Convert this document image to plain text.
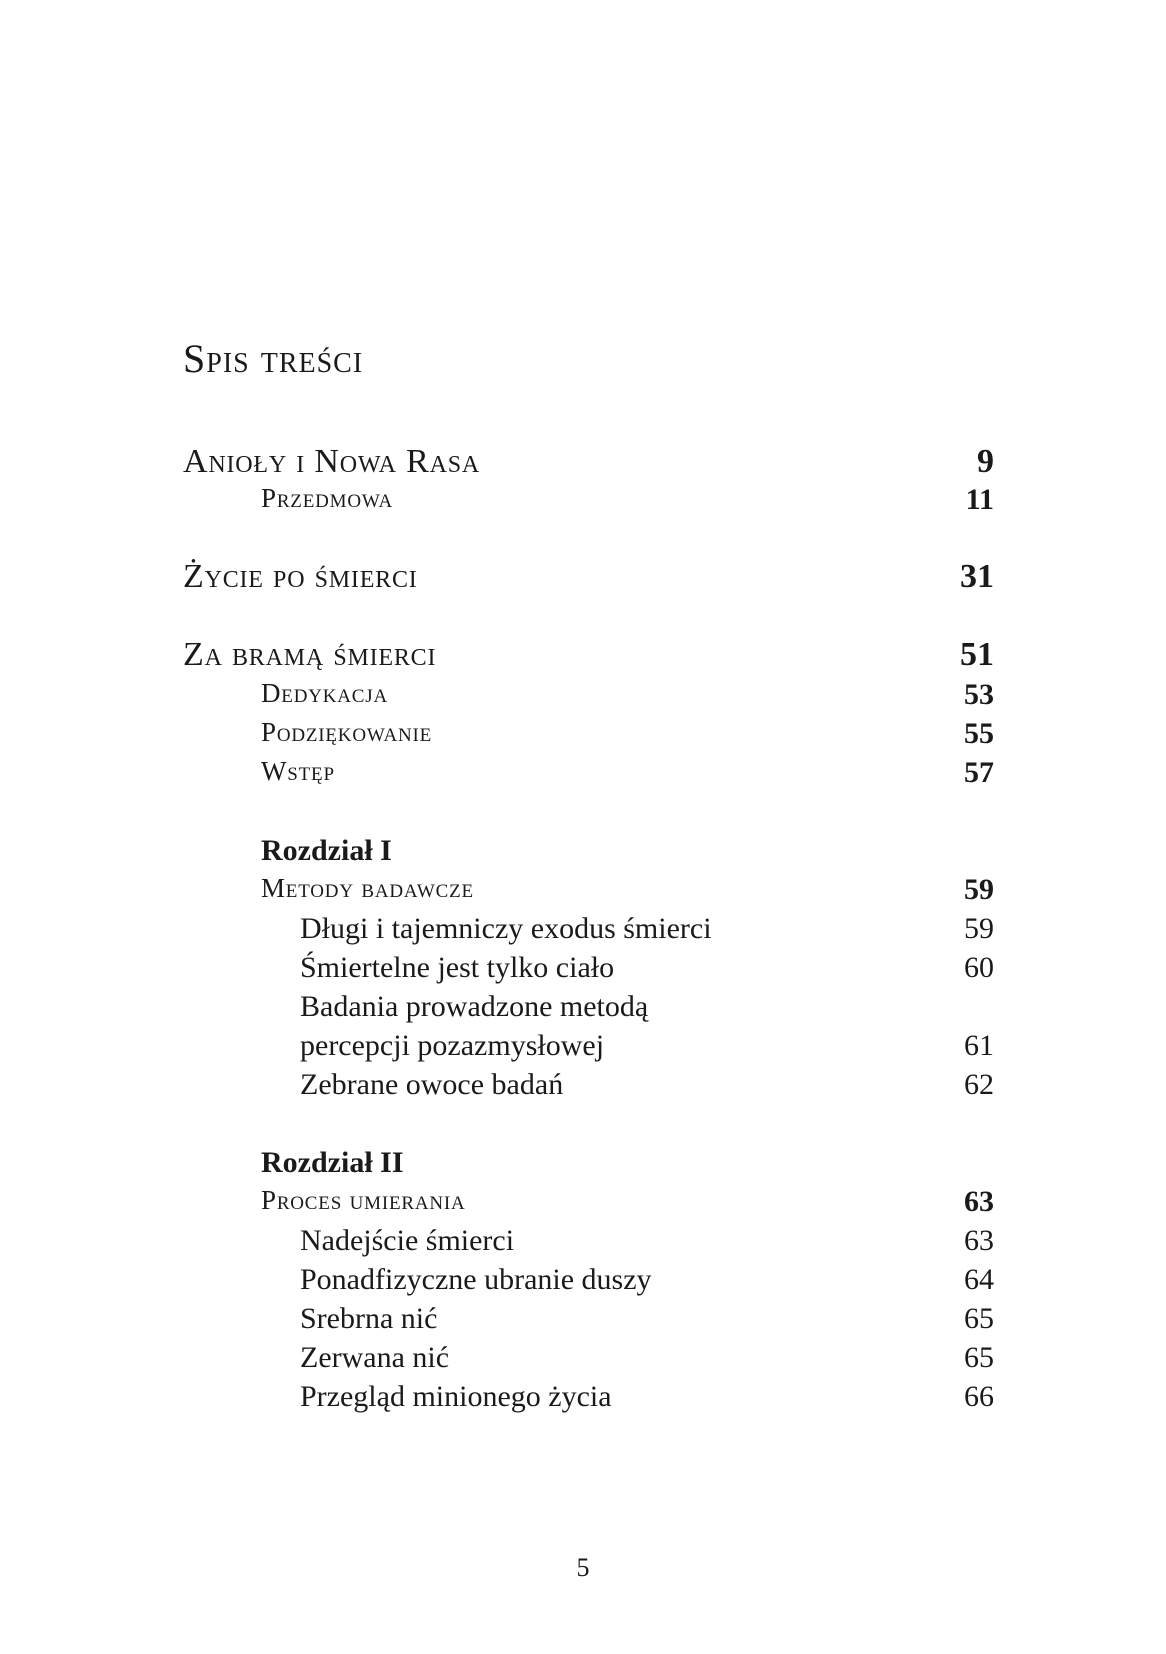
Spis treści
Anioły i Nowa Rasa	9
Przedmowa	11
Życie po śmierci	31
Za bramą śmierci	51
Dedykacja	53
Podziękowanie	55
Wstęp	57
Rozdział I
Metody badawcze	59
Długi i tajemniczy exodus śmierci	59
Śmiertelne jest tylko ciało	60
Badania prowadzone metodą
percepcji pozazmysłowej	61
Zebrane owoce badań	62
Rozdział II
Proces umierania	63
Nadejście śmierci	63
Ponadfizyczne ubranie duszy	64
Srebrna nić	65
Zerwana nić	65
Przegląd minionego życia	66
5
